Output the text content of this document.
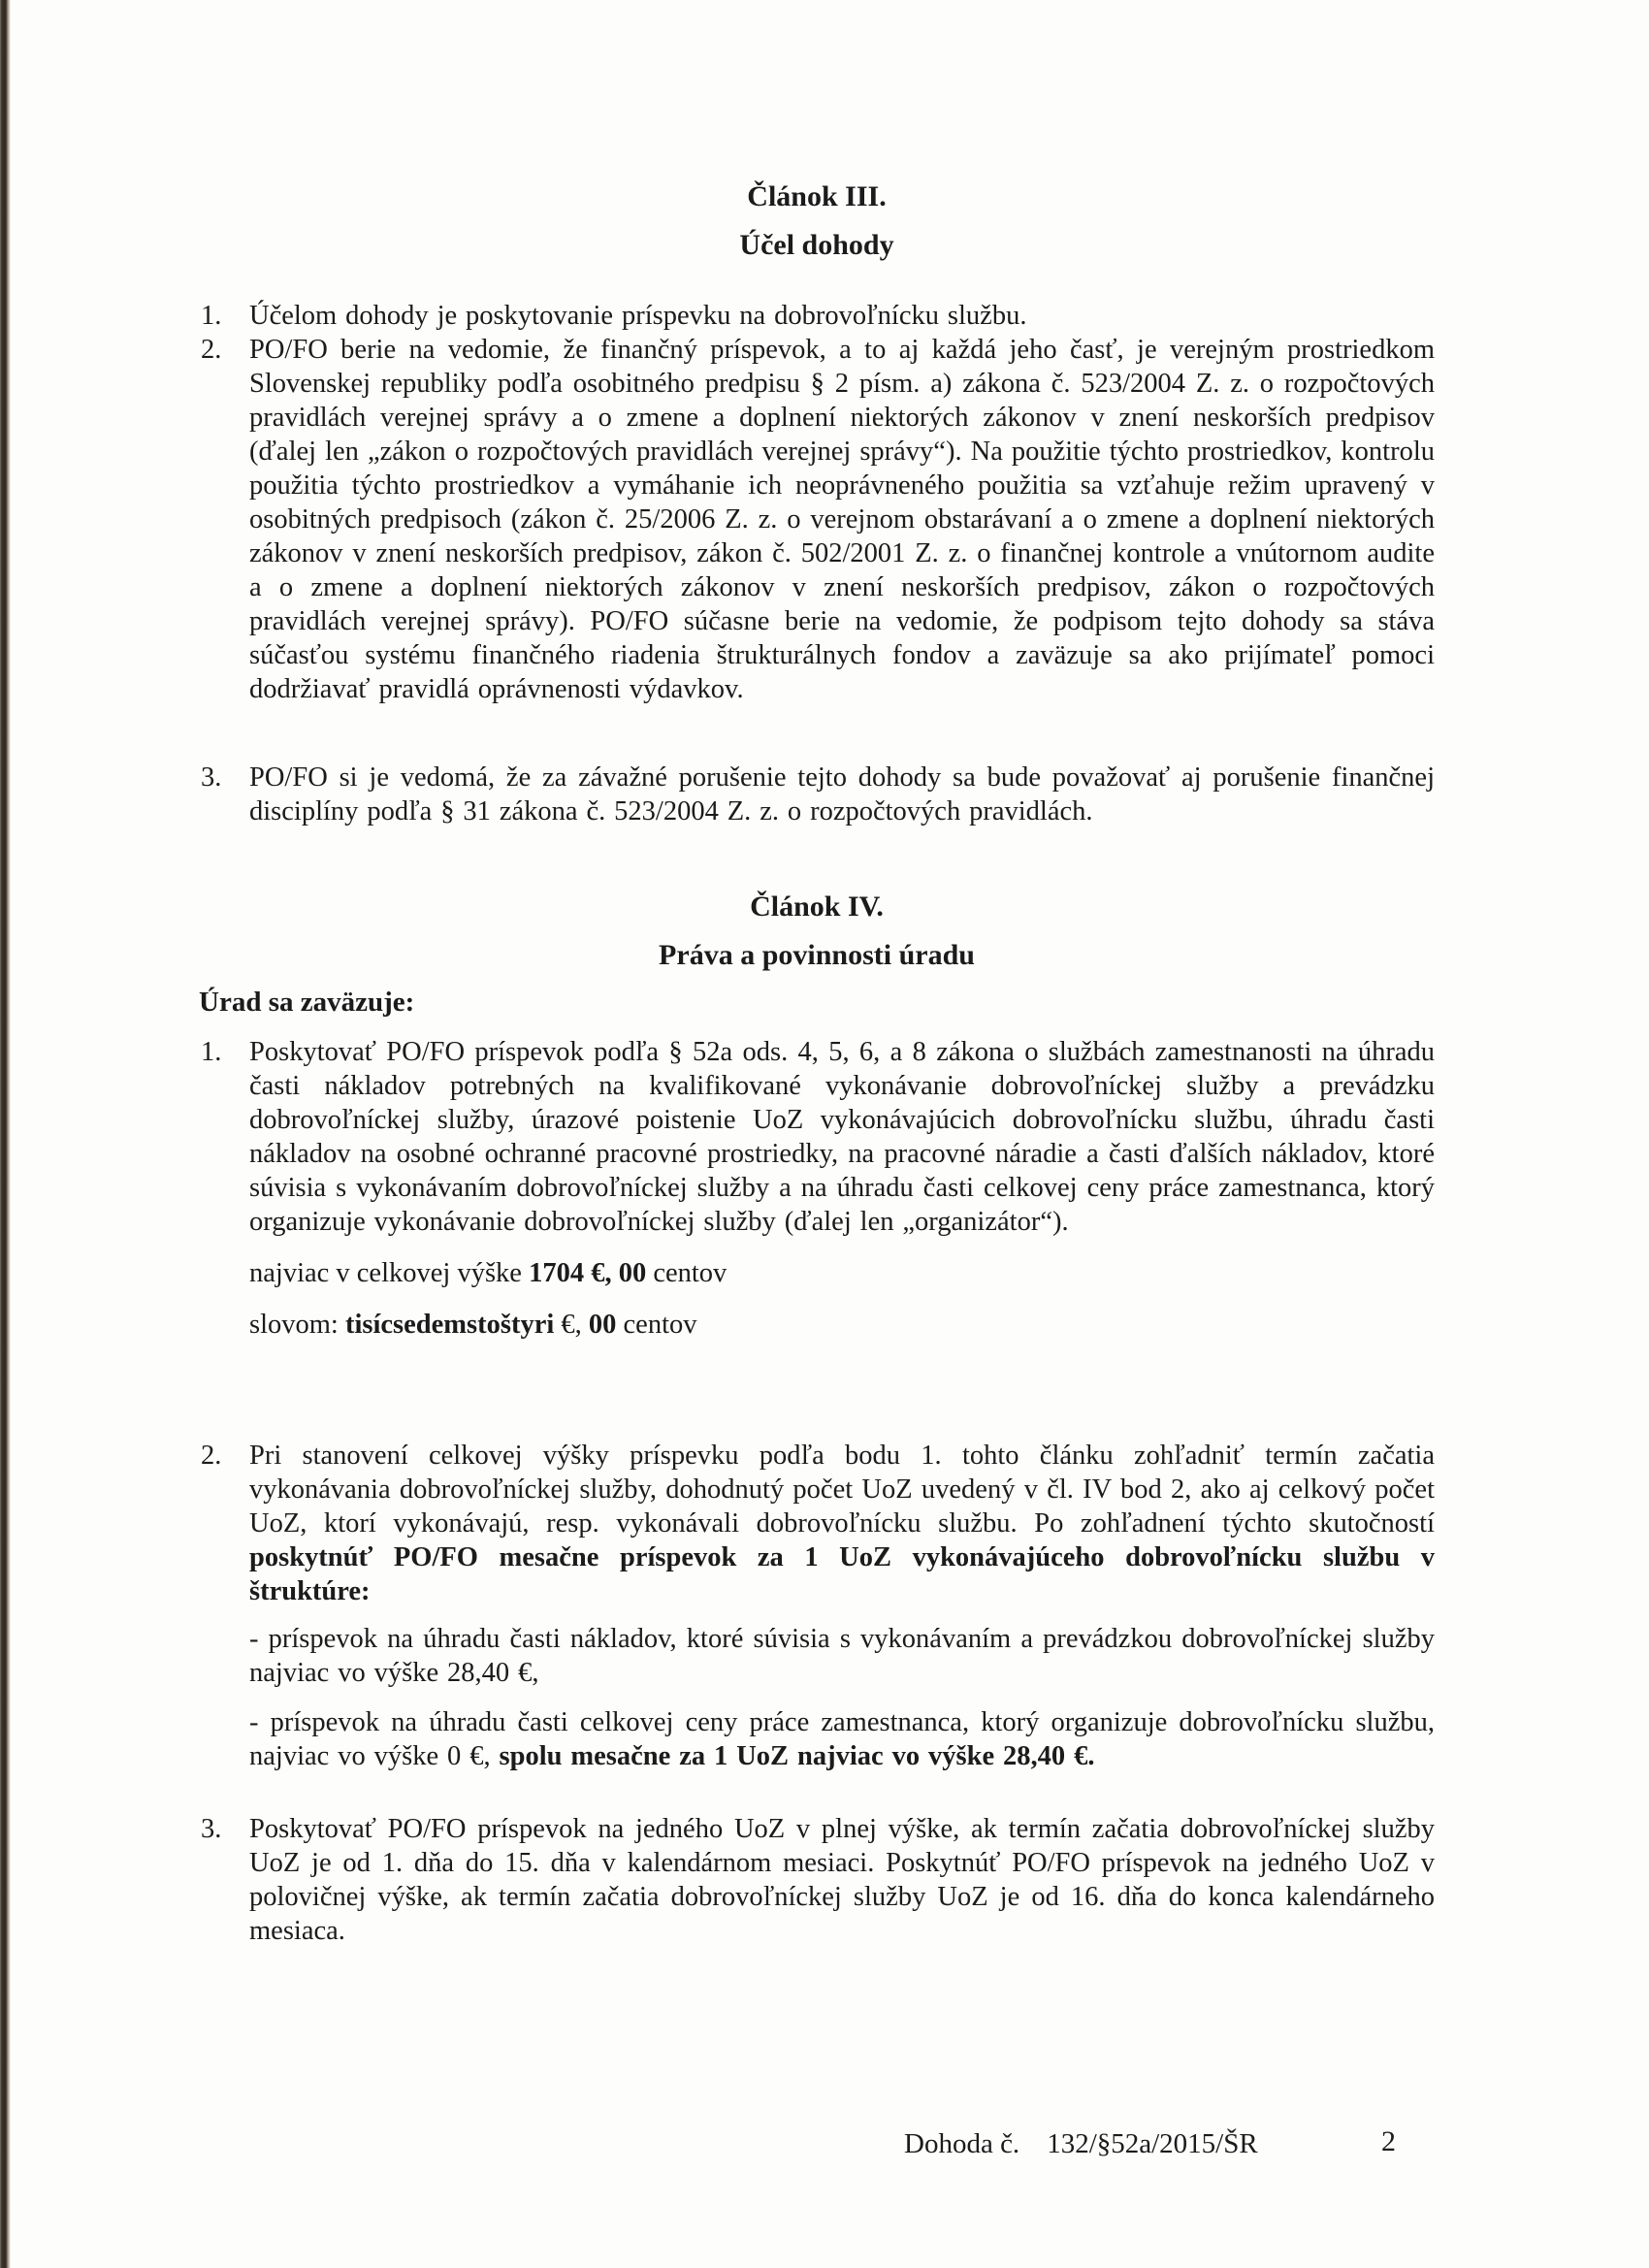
Článok III.

Účel dohody

1. Účelom dohody je poskytovanie príspevku na dobrovoľnícku službu.
2. PO/FO berie na vedomie, že finančný príspevok, a to aj každá jeho časť, je verejným prostriedkom Slovenskej republiky podľa osobitného predpisu § 2 písm. a) zákona č. 523/2004 Z. z. o rozpočtových pravidlách verejnej správy a o zmene a doplnení niektorých zákonov v znení neskorších predpisov (ďalej len „zákon o rozpočtových pravidlách verejnej správy“). Na použitie týchto prostriedkov, kontrolu použitia týchto prostriedkov a vymáhanie ich neoprávneného použitia sa vzťahuje režim upravený v osobitných predpisoch (zákon č. 25/2006 Z. z. o verejnom obstarávaní a o zmene a doplnení niektorých zákonov v znení neskorších predpisov, zákon č. 502/2001 Z. z. o finančnej kontrole a vnútornom audite a o zmene a doplnení niektorých zákonov v znení neskorších predpisov, zákon o rozpočtových pravidlách verejnej správy). PO/FO súčasne berie na vedomie, že podpisom tejto dohody sa stáva súčasťou systému finančného riadenia štrukturálnych fondov a zaväzuje sa ako prijímateľ pomoci dodržiavať pravidlá oprávnenosti výdavkov.
3. PO/FO si je vedomá, že za závažné porušenie tejto dohody sa bude považovať aj porušenie finančnej disciplíny podľa § 31 zákona č. 523/2004 Z. z. o rozpočtových pravidlách.

Článok IV.

Práva a povinnosti úradu

Úrad sa zaväzuje:
1. Poskytovať PO/FO príspevok podľa § 52a ods. 4, 5, 6, a 8 zákona o službách zamestnanosti na úhradu časti nákladov potrebných na kvalifikované vykonávanie dobrovoľníckej služby a prevádzku dobrovoľníckej služby, úrazové poistenie UoZ vykonávajúcich dobrovoľnícku službu, úhradu časti nákladov na osobné ochranné pracovné prostriedky, na pracovné náradie a časti ďalších nákladov, ktoré súvisia s vykonávaním dobrovoľníckej služby a na úhradu časti celkovej ceny práce zamestnanca, ktorý organizuje vykonávanie dobrovoľníckej služby (ďalej len „organizátor“).
najviac v celkovej výške 1704 €, 00 centov
slovom: tisícsedemstoštyri €, 00 centov
2. Pri stanovení celkovej výšky príspevku podľa bodu 1. tohto článku zohľadniť termín začatia vykonávania dobrovoľníckej služby, dohodnutý počet UoZ uvedený v čl. IV bod 2, ako aj celkový počet UoZ, ktorí vykonávajú, resp. vykonávali dobrovoľnícku službu. Po zohľadnení týchto skutočností poskytnúť PO/FO mesačne príspevok za 1 UoZ vykonávajúceho dobrovoľnícku službu v štruktúre:
- príspevok na úhradu časti nákladov, ktoré súvisia s vykonávaním a prevádzkou dobrovoľníckej služby najviac vo výške 28,40 €,
- príspevok na úhradu časti celkovej ceny práce zamestnanca, ktorý organizuje dobrovoľnícku službu, najviac vo výške 0 €, spolu mesačne za 1 UoZ najviac vo výške 28,40 €.
3. Poskytovať PO/FO príspevok na jedného UoZ v plnej výške, ak termín začatia dobrovoľníckej služby UoZ je od 1. dňa do 15. dňa v kalendárnom mesiaci. Poskytnúť PO/FO príspevok na jedného UoZ v polovičnej výške, ak termín začatia dobrovoľníckej služby UoZ je od 16. dňa do konca kalendárneho mesiaca.
Dohoda č. 132/§52a/2015/ŠR	2
